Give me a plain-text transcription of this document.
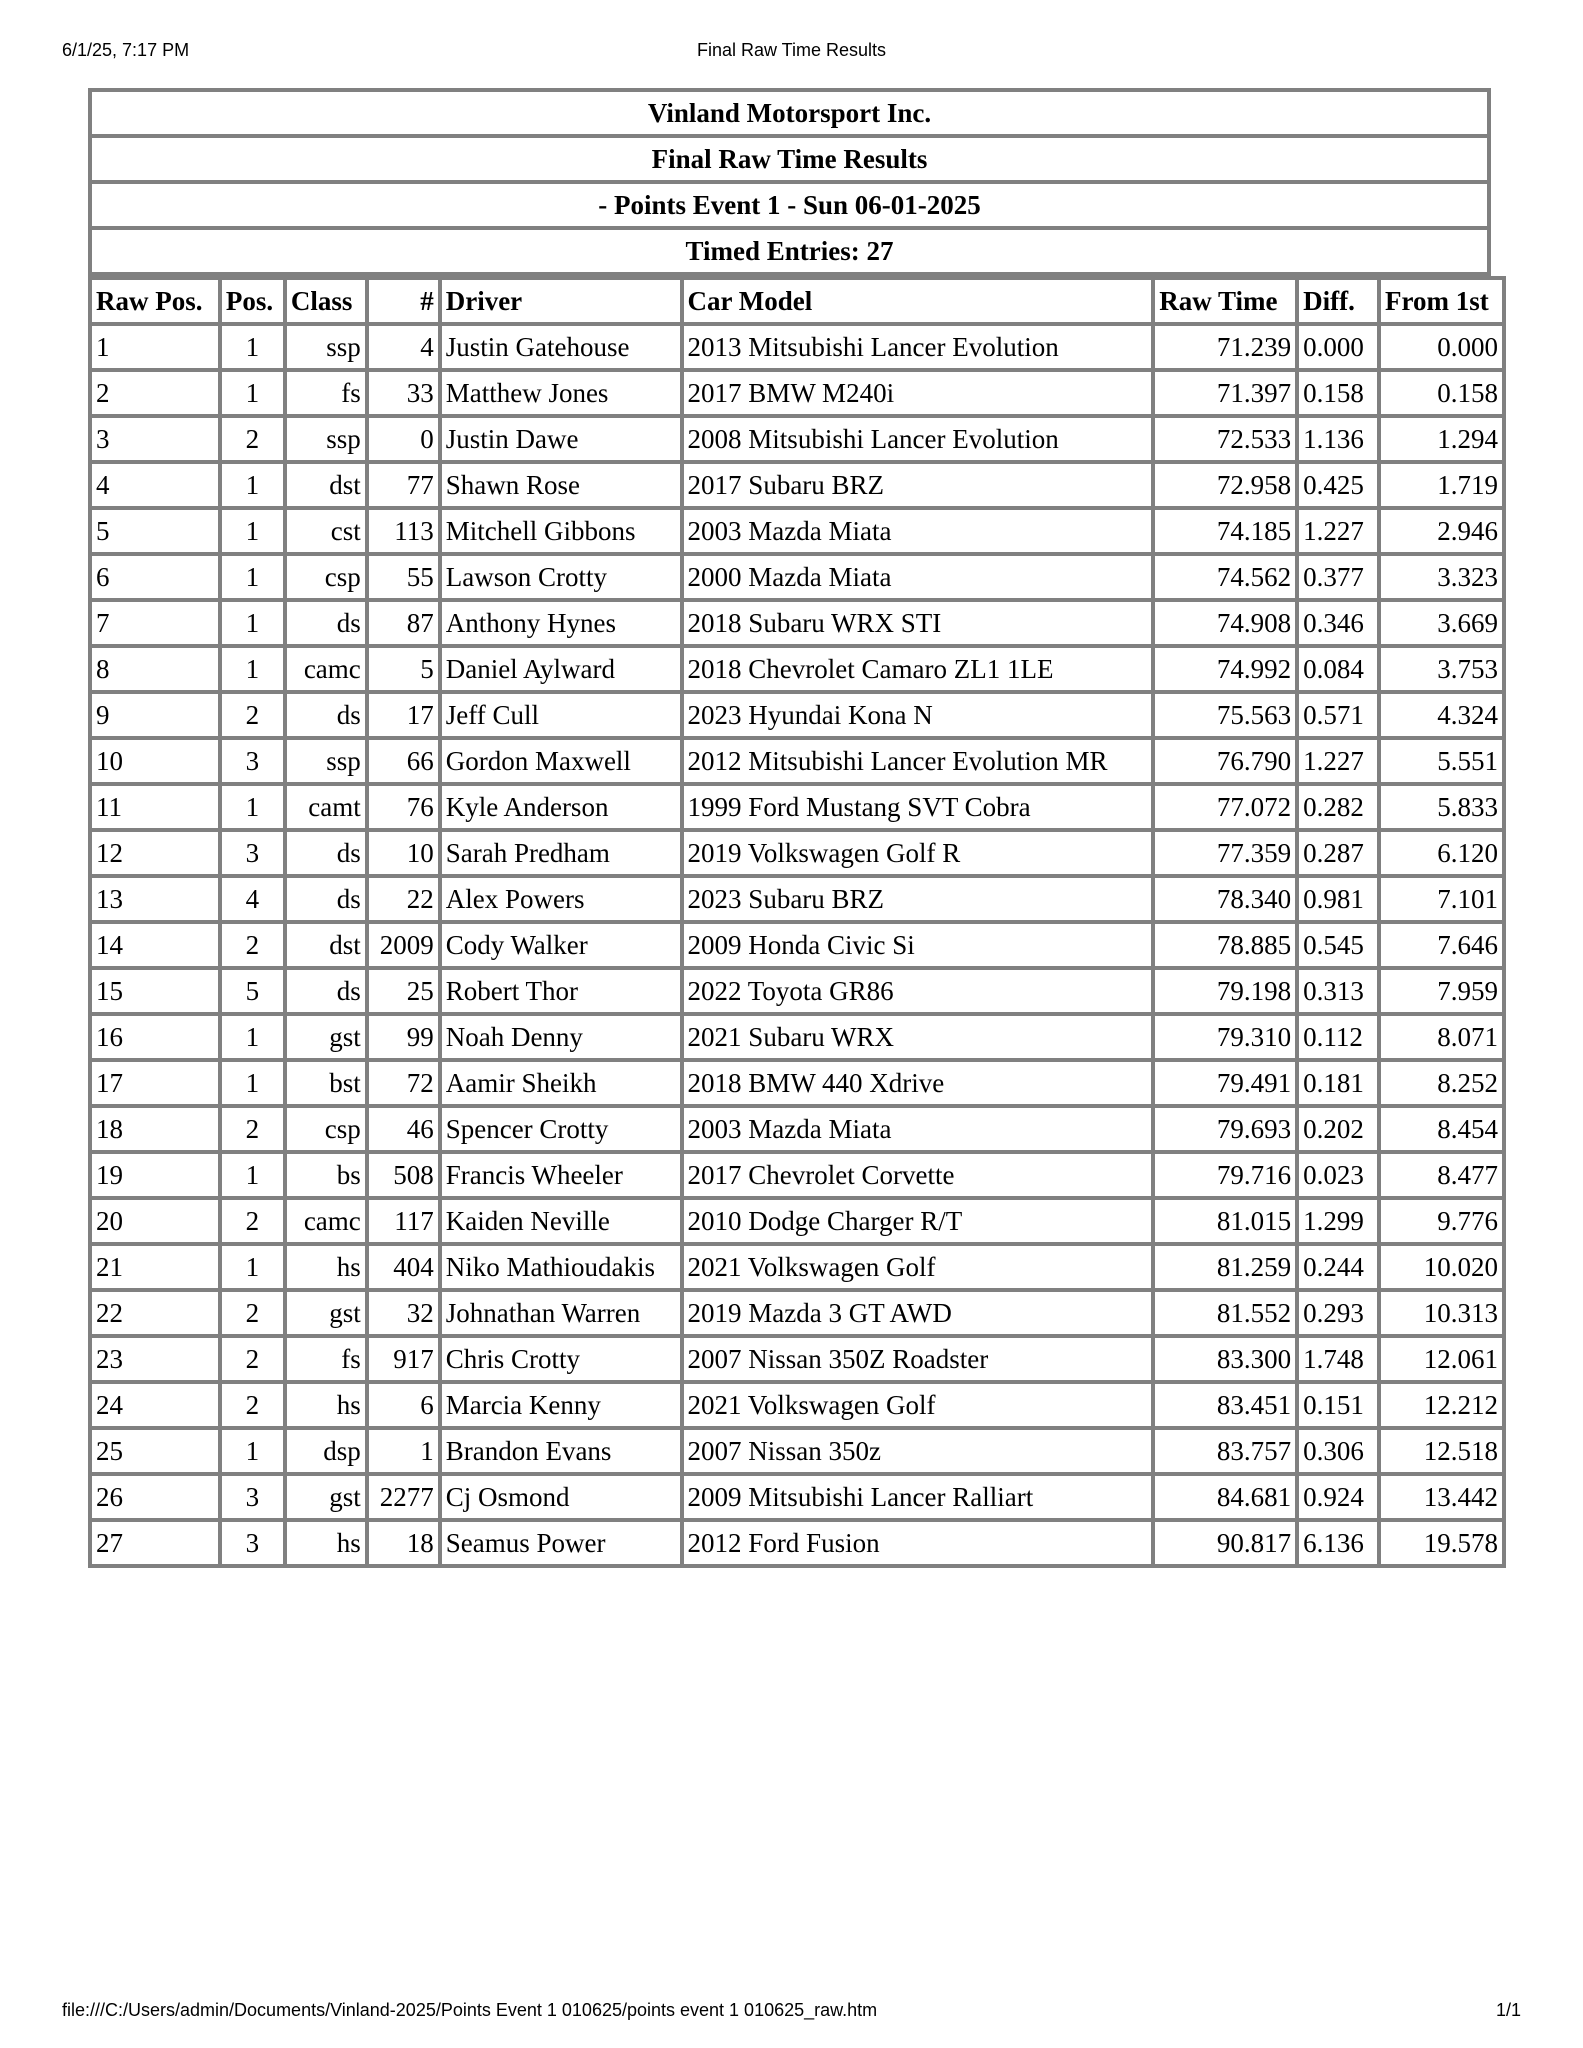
6/1/25, 7:17 PM	Final Raw Time Results
Vinland Motorsport Inc.
Final Raw Time Results
- Points Event 1 - Sun 06-01-2025
Timed Entries: 27
Raw Pos.	Pos.	Class	#	Driver	Car Model	Raw Time	Diff.	From 1st
1	1	ssp	4	Justin Gatehouse	2013 Mitsubishi Lancer Evolution	71.239	0.000	0.000
2	1	fs	33	Matthew Jones	2017 BMW M240i	71.397	0.158	0.158
3	2	ssp	0	Justin Dawe	2008 Mitsubishi Lancer Evolution	72.533	1.136	1.294
4	1	dst	77	Shawn Rose	2017 Subaru BRZ	72.958	0.425	1.719
5	1	cst	113	Mitchell Gibbons	2003 Mazda Miata	74.185	1.227	2.946
6	1	csp	55	Lawson Crotty	2000 Mazda Miata	74.562	0.377	3.323
7	1	ds	87	Anthony Hynes	2018 Subaru WRX STI	74.908	0.346	3.669
8	1	camc	5	Daniel Aylward	2018 Chevrolet Camaro ZL1 1LE	74.992	0.084	3.753
9	2	ds	17	Jeff Cull	2023 Hyundai Kona N	75.563	0.571	4.324
10	3	ssp	66	Gordon Maxwell	2012 Mitsubishi Lancer Evolution MR	76.790	1.227	5.551
11	1	camt	76	Kyle Anderson	1999 Ford Mustang SVT Cobra	77.072	0.282	5.833
12	3	ds	10	Sarah Predham	2019 Volkswagen Golf R	77.359	0.287	6.120
13	4	ds	22	Alex Powers	2023 Subaru BRZ	78.340	0.981	7.101
14	2	dst	2009	Cody Walker	2009 Honda Civic Si	78.885	0.545	7.646
15	5	ds	25	Robert Thor	2022 Toyota GR86	79.198	0.313	7.959
16	1	gst	99	Noah Denny	2021 Subaru WRX	79.310	0.112	8.071
17	1	bst	72	Aamir Sheikh	2018 BMW 440 Xdrive	79.491	0.181	8.252
18	2	csp	46	Spencer Crotty	2003 Mazda Miata	79.693	0.202	8.454
19	1	bs	508	Francis Wheeler	2017 Chevrolet Corvette	79.716	0.023	8.477
20	2	camc	117	Kaiden Neville	2010 Dodge Charger R/T	81.015	1.299	9.776
21	1	hs	404	Niko Mathioudakis	2021 Volkswagen Golf	81.259	0.244	10.020
22	2	gst	32	Johnathan Warren	2019 Mazda 3 GT AWD	81.552	0.293	10.313
23	2	fs	917	Chris Crotty	2007 Nissan 350Z Roadster	83.300	1.748	12.061
24	2	hs	6	Marcia Kenny	2021 Volkswagen Golf	83.451	0.151	12.212
25	1	dsp	1	Brandon Evans	2007 Nissan 350z	83.757	0.306	12.518
26	3	gst	2277	Cj Osmond	2009 Mitsubishi Lancer Ralliart	84.681	0.924	13.442
27	3	hs	18	Seamus Power	2012 Ford Fusion	90.817	6.136	19.578
file:///C:/Users/admin/Documents/Vinland-2025/Points Event 1 010625/points event 1 010625_raw.htm	1/1
